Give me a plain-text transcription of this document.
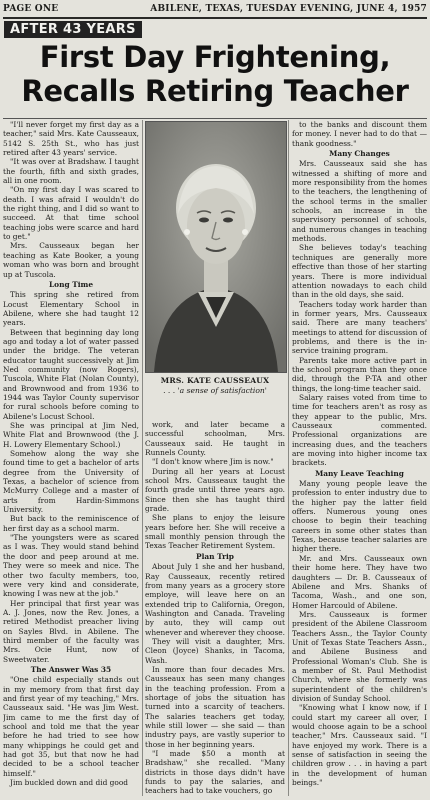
PAGE ONE	ABILENE, TEXAS, TUESDAY EVENING, JUNE 4, 1957
AFTER 43 YEARS
First Day Frightening,
Recalls Retiring Teacher

"I'll never forget my first day as a teacher," said Mrs. Kate Causseaux, 5142 S. 25th St., who has just retired after 43 years' service.

"It was over at Bradshaw. I taught the fourth, fifth and sixth grades, all in one room.

"On my first day I was scared to death. I was afraid I wouldn't do the right thing, and I did so want to succeed. At that time school teaching jobs were scarce and hard to get."

Mrs. Causseaux began her teaching as Kate Booker, a young woman who was born and brought up at Tuscola.

Long Time

This spring she retired from Locust Elementary School in Abilene, where she had taught 12 years.

Between that beginning day long ago and today a lot of water passed under the bridge. The veteran educator taught successively at Jim Ned community (now Rogers), Tuscola, White Flat (Nolan County), and Brownwood and from 1936 to 1944 was Taylor County supervisor for rural schools before coming to Abilene's Locust School.

She was principal at Jim Ned, White Flat and Brownwood (the J. H. Lowery Elementary School.)

Somehow along the way she found time to get a bachelor of arts degree from the University of Texas, a bachelor of science from McMurry College and a master of arts from Hardin-Simmons University.

But back to the reminiscence of her first day as a school marm.

"The youngsters were as scared as I was. They would stand behind the door and peep around at me. They were so meek and nice. The other two faculty members, too, were very kind and considerate, knowing I was new at the job."

Her principal that first year was A. J. Jones, now the Rev. Jones, a retired Methodist preacher living on Sayles Blvd. in Abilene. The third member of the faculty was Mrs. Ocie Hunt, now of Sweetwater.

The Answer Was 35

"One child especially stands out in my memory from that first day and first year of my teaching," Mrs. Causseaux said. "He was Jim West. Jim came to me the first day of school and told me that the year before he had tried to see how many whippings he could get and had got 35, but that now he had decided to be a school teacher himself."

Jim buckled down and did good

MRS. KATE CAUSSEAUX
. . . 'a sense of satisfaction'

work, and later became a successful schoolman, Mrs. Causseaux said. He taught in Runnels County.

"I don't know where Jim is now."

During all her years at Locust school Mrs. Causseaux taught the fourth grade until three years ago. Since then she has taught third grade.

She plans to enjoy the leisure years before her. She will receive a small monthly pension through the Texas Teacher Retirement System.

Plan Trip

About July 1 she and her husband, Ray Causseaux, recently retired from many years as a grocery store employe, will leave here on an extended trip to California, Oregon, Washington and Canada. Traveling by auto, they will camp out whenever and wherever they choose.

They will visit a daughter, Mrs. Cleon (Joyce) Shanks, in Tacoma, Wash.

In more than four decades Mrs. Causseaux has seen many changes in the teaching profession. From a shortage of jobs the situation has turned into a scarcity of teachers. The salaries teachers get today, while still lower — she said — than industry pays, are vastly superior to those in her beginning years.

"I made $50 a month at Bradshaw," she recalled. "Many districts in those days didn't have funds to pay the salaries, and teachers had to take vouchers, go

to the banks and discount them for money. I never had to do that — thank goodness."

Many Changes

Mrs. Causseaux said she has witnessed a shifting of more and more responsibility from the homes to the teachers, the lengthening of the school terms in the smaller schools, an increase in the supervisory personnel of schools, and numerous changes in teaching methods.

She believes today's teaching techniques are generally more effective than those of her starting years. There is more individual attention nowadays to each child than in the old days, she said.

Teachers today work harder than in former years, Mrs. Causseaux said. There are many teachers' meetings to attend for discussion of problems, and there is the in-service training program.

Parents take more active part in the school program than they once did, through the P-TA and other things, the long-time teacher said.

Salary raises voted from time to time for teachers aren't as rosy as they appear to the public, Mrs. Causseaux commented. Professional organizations are increasing dues, and the teachers are moving into higher income tax brackets.

Many Leave Teaching

Many young people leave the profession to enter industry due to the higher pay the latter field offers. Numerous young ones choose to begin their teaching careers in some other states than Texas, because teacher salaries are higher there.

Mr. and Mrs. Causseaux own their home here. They have two daughters — Dr. B. Causseaux of Abilene and Mrs. Shanks of Tacoma, Wash., and one son, Homer Harcould of Abilene.

Mrs. Causseaux is former president of the Abilene Classroom Teachers Assn., the Taylor County Unit of Texas State Teachers Assn., and Abilene Business and Professional Woman's Club. She is a member of St. Paul Methodist Church, where she formerly was superintendent of the children's division of Sunday School.

"Knowing what I know now, if I could start my career all over, I would choose again to be a school teacher," Mrs. Causseaux said. "I have enjoyed my work. There is a sense of satisfaction in seeing the children grow . . . in having a part in the development of human beings."
